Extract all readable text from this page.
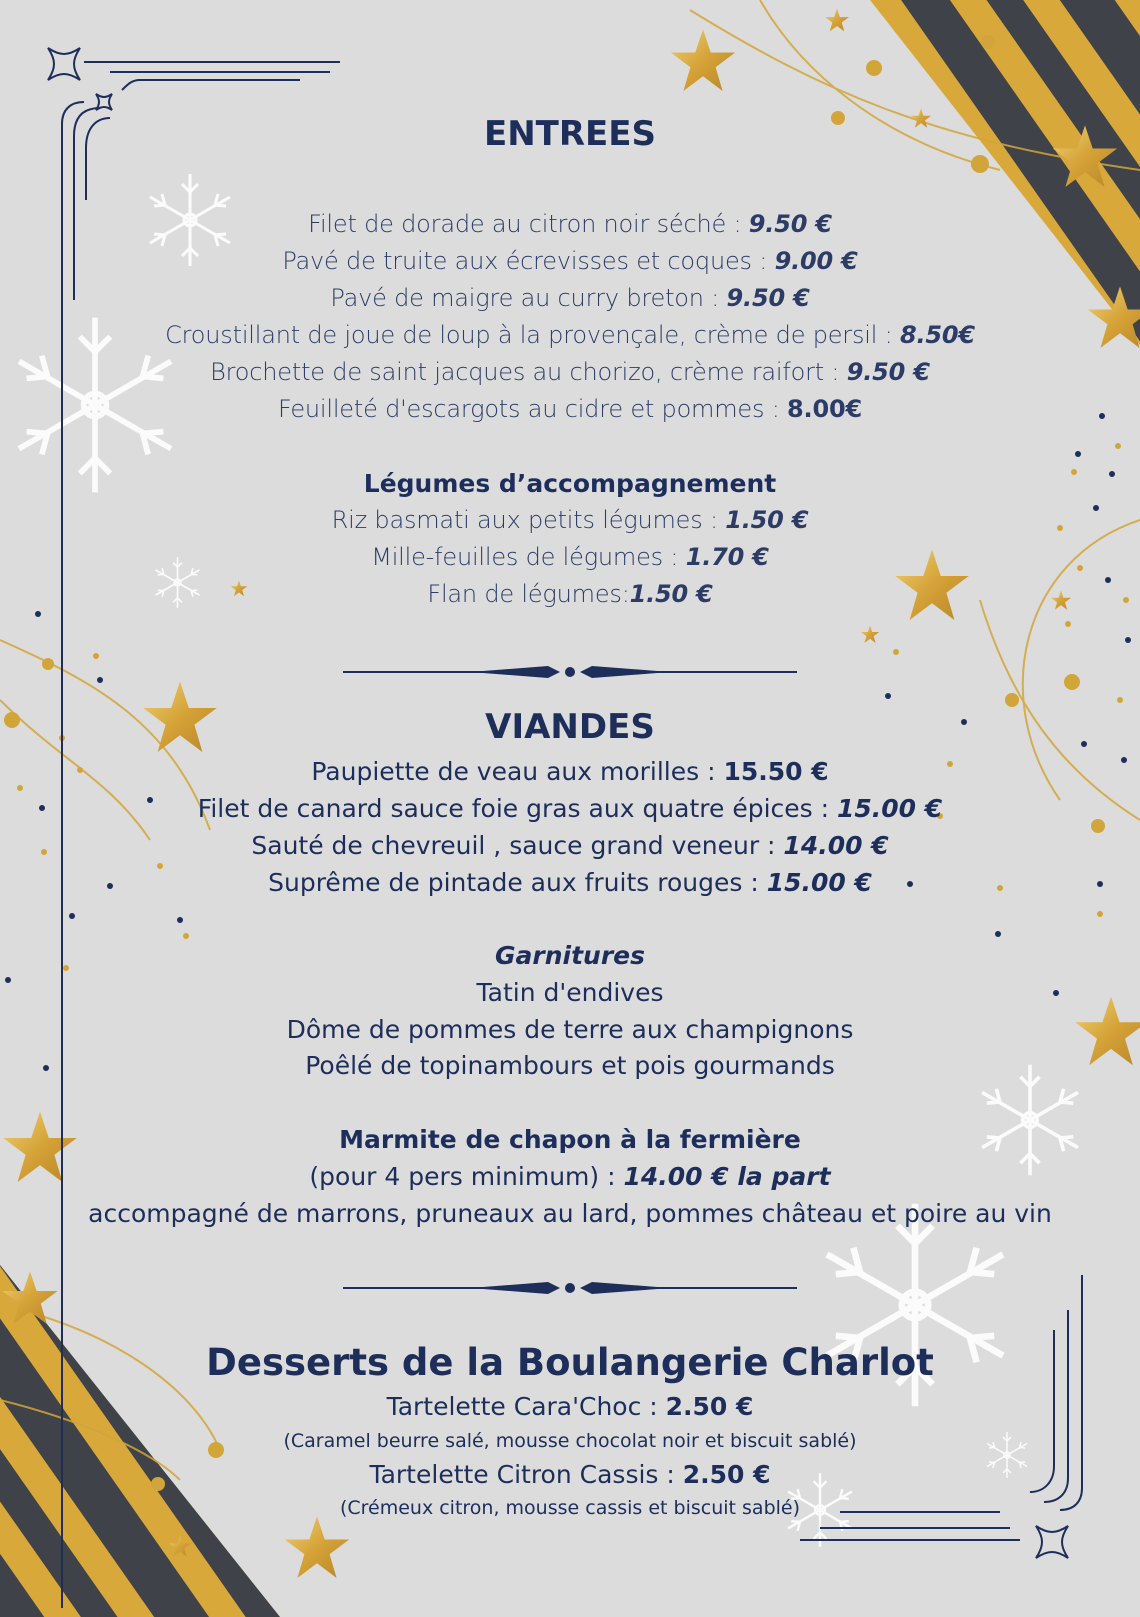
ENTREES
Filet de dorade au citron noir séché : 9.50 €
Pavé de truite aux écrevisses et coques : 9.00 €
Pavé de maigre au curry breton : 9.50 €
Croustillant de joue de loup à la provençale, crème de persil : 8.50€
Brochette de saint jacques au chorizo, crème raifort : 9.50 €
Feuilleté d'escargots au cidre et pommes : 8.00€
Légumes d’accompagnement
Riz basmati aux petits légumes : 1.50 €
Mille-feuilles de légumes : 1.70 €
Flan de légumes:1.50 €
VIANDES
Paupiette de veau aux morilles : 15.50 €
Filet de canard sauce foie gras aux quatre épices : 15.00 €
Sauté de chevreuil , sauce grand veneur : 14.00 €
Suprême de pintade aux fruits rouges : 15.00 €
Garnitures
Tatin d'endives
Dôme de pommes de terre aux champignons
Poêlé de topinambours et pois gourmands
Marmite de chapon à la fermière
(pour 4 pers minimum) : 14.00 € la part
accompagné de marrons, pruneaux au lard, pommes château et poire au vin
Desserts de la Boulangerie Charlot
Tartelette Cara'Choc : 2.50 €
(Caramel beurre salé, mousse chocolat noir et biscuit sablé)
Tartelette Citron Cassis : 2.50 €
(Crémeux citron, mousse cassis et biscuit sablé)
